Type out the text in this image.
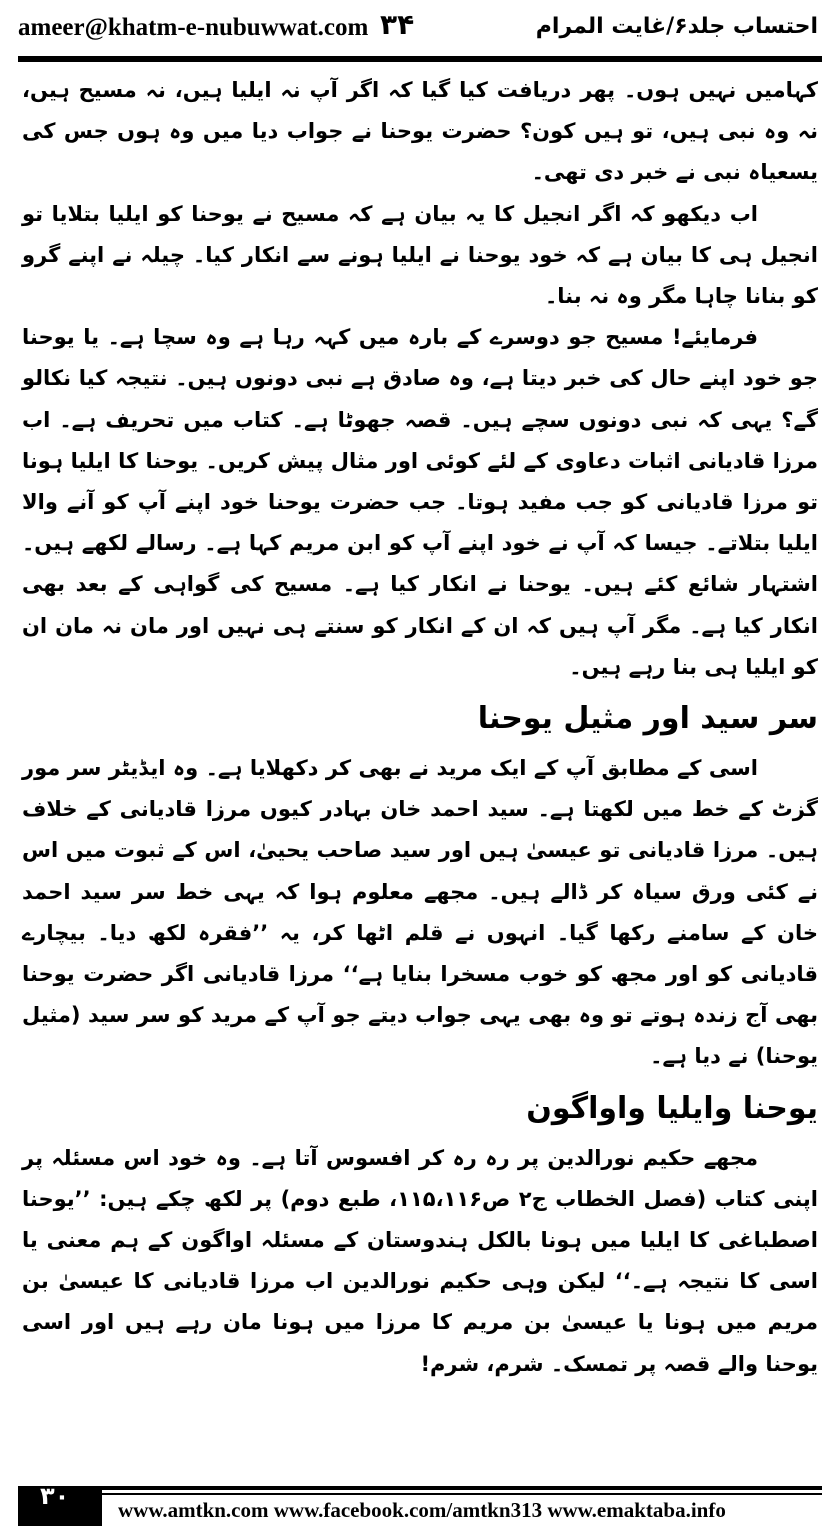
ameer@khatm-e-nubuwwat.com ۳۴	احتساب جلد۶/غایت المرام

کہامیں نہیں ہوں۔ پھر دریافت کیا گیا کہ اگر آپ نہ ایلیا ہیں، نہ مسیح ہیں، نہ وہ نبی ہیں، تو ہیں کون؟ حضرت یوحنا نے جواب دیا میں وہ ہوں جس کی یسعیاہ نبی نے خبر دی تھی۔

اب دیکھو کہ اگر انجیل کا یہ بیان ہے کہ مسیح نے یوحنا کو ایلیا بتلایا تو انجیل ہی کا بیان ہے کہ خود یوحنا نے ایلیا ہونے سے انکار کیا۔ چیلہ نے اپنے گرو کو بنانا چاہا مگر وہ نہ بنا۔

فرمایئے! مسیح جو دوسرے کے بارہ میں کہہ رہا ہے وہ سچا ہے۔ یا یوحنا جو خود اپنے حال کی خبر دیتا ہے، وہ صادق ہے نبی دونوں ہیں۔ نتیجہ کیا نکالو گے؟ یہی کہ نبی دونوں سچے ہیں۔ قصہ جھوٹا ہے۔ کتاب میں تحریف ہے۔ اب مرزا قادیانی اثبات دعاوی کے لئے کوئی اور مثال پیش کریں۔ یوحنا کا ایلیا ہونا تو مرزا قادیانی کو جب مفید ہوتا۔ جب حضرت یوحنا خود اپنے آپ کو آنے والا ایلیا بتلاتے۔ جیسا کہ آپ نے خود اپنے آپ کو ابن مریم کہا ہے۔ رسالے لکھے ہیں۔ اشتہار شائع کئے ہیں۔ یوحنا نے انکار کیا ہے۔ مسیح کی گواہی کے بعد بھی انکار کیا ہے۔ مگر آپ ہیں کہ ان کے انکار کو سنتے ہی نہیں اور مان نہ مان ان کو ایلیا ہی بنا رہے ہیں۔

سر سید اور مثیل یوحنا

اسی کے مطابق آپ کے ایک مرید نے بھی کر دکھلایا ہے۔ وہ ایڈیٹر سر مور گزٹ کے خط میں لکھتا ہے۔ سید احمد خان بہادر کیوں مرزا قادیانی کے خلاف ہیں۔ مرزا قادیانی تو عیسیٰ ہیں اور سید صاحب یحییٰ، اس کے ثبوت میں اس نے کئی ورق سیاہ کر ڈالے ہیں۔ مجھے معلوم ہوا کہ یہی خط سر سید احمد خان کے سامنے رکھا گیا۔ انہوں نے قلم اٹھا کر، یہ ’’فقرہ لکھ دیا۔ بیچارے قادیانی کو اور مجھ کو خوب مسخرا بنایا ہے‘‘ مرزا قادیانی اگر حضرت یوحنا بھی آج زندہ ہوتے تو وہ بھی یہی جواب دیتے جو آپ کے مرید کو سر سید (مثیل یوحنا) نے دیا ہے۔

یوحنا وایلیا واواگون

مجھے حکیم نورالدین پر رہ رہ کر افسوس آتا ہے۔ وہ خود اس مسئلہ پر اپنی کتاب (فصل الخطاب ج۲ ص۱۱۵،۱۱۶، طبع دوم) پر لکھ چکے ہیں: ’’یوحنا اصطباغی کا ایلیا میں ہونا بالکل ہندوستان کے مسئلہ اواگون کے ہم معنی یا اسی کا نتیجہ ہے۔‘‘ لیکن وہی حکیم نورالدین اب مرزا قادیانی کا عیسیٰ بن مریم میں ہونا یا عیسیٰ بن مریم کا مرزا میں ہونا مان رہے ہیں اور اسی یوحنا والے قصہ پر تمسک۔ شرم، شرم!

۳۰ www.amtkn.com www.facebook.com/amtkn313 www.emaktaba.info
